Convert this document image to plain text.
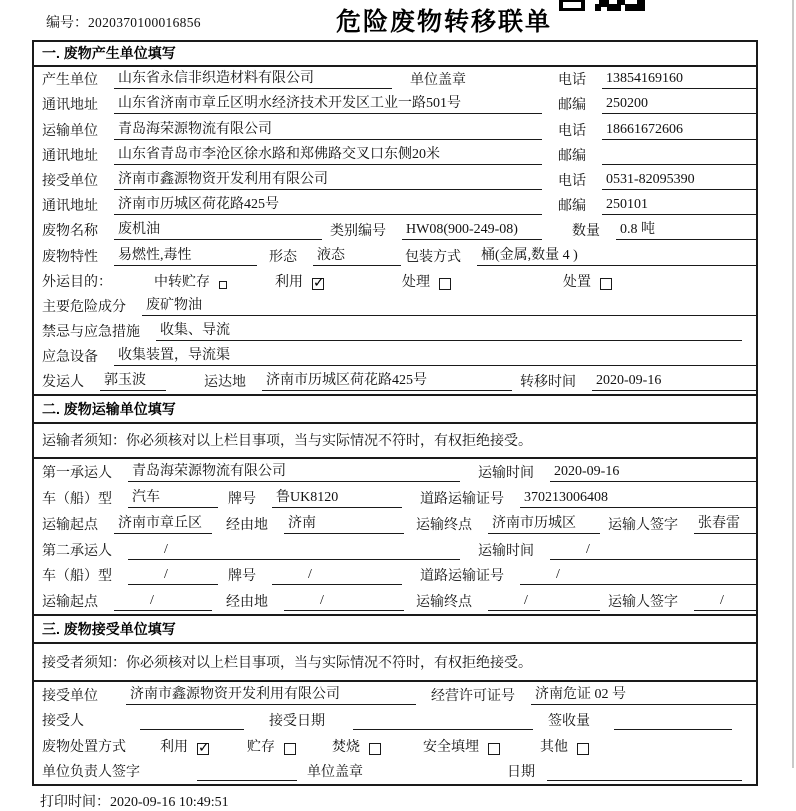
编号：2020370100016856	危险废物转移联单
一. 废物产生单位填写
产生单位 山东省永信非织造材料有限公司	单位盖章	电话 13854169160
通讯地址 山东省济南市章丘区明水经济技术开发区工业一路501号	邮编 250200
运输单位 青岛海荣源物流有限公司	电话 18661672606
通讯地址 山东省青岛市李沧区徐水路和郑佛路交叉口东侧20米	邮编
接受单位 济南市鑫源物资开发利用有限公司	电话 0531-82095390
通讯地址 济南市历城区荷花路425号	邮编 250101
废物名称 废机油	类别编号 HW08(900-249-08)	数量 0.8 吨
废物特性 易燃性,毒性	形态 液态	包装方式 桶(金属,数量 4 )
外运目的：	中转贮存	利用 ✓	处理	处置
主要危险成分 废矿物油
禁忌与应急措施 收集、导流
应急设备 收集装置，导流渠
发运人 郭玉波	运达地 济南市历城区荷花路425号	转移时间 2020-09-16
二. 废物运输单位填写
运输者须知：你必须核对以上栏目事项，当与实际情况不符时，有权拒绝接受。
第一承运人 青岛海荣源物流有限公司	运输时间 2020-09-16
车（船）型 汽车	牌号 鲁UK8120	道路运输证号 370213006408
运输起点 济南市章丘区	经由地 济南	运输终点 济南市历城区	运输人签字 张春雷
第二承运人	/	运输时间	/
车（船）型	/	牌号	/	道路运输证号	/
运输起点	/	经由地	/	运输终点	/	运输人签字	/
三. 废物接受单位填写
接受者须知：你必须核对以上栏目事项，当与实际情况不符时，有权拒绝接受。
接受单位 济南市鑫源物资开发利用有限公司	经营许可证号 济南危证 02 号
接受人	接受日期	签收量
废物处置方式 利用 ✓	贮存	焚烧	安全填埋	其他
单位负责人签字	单位盖章	日期
打印时间：2020-09-16 10:49:51
